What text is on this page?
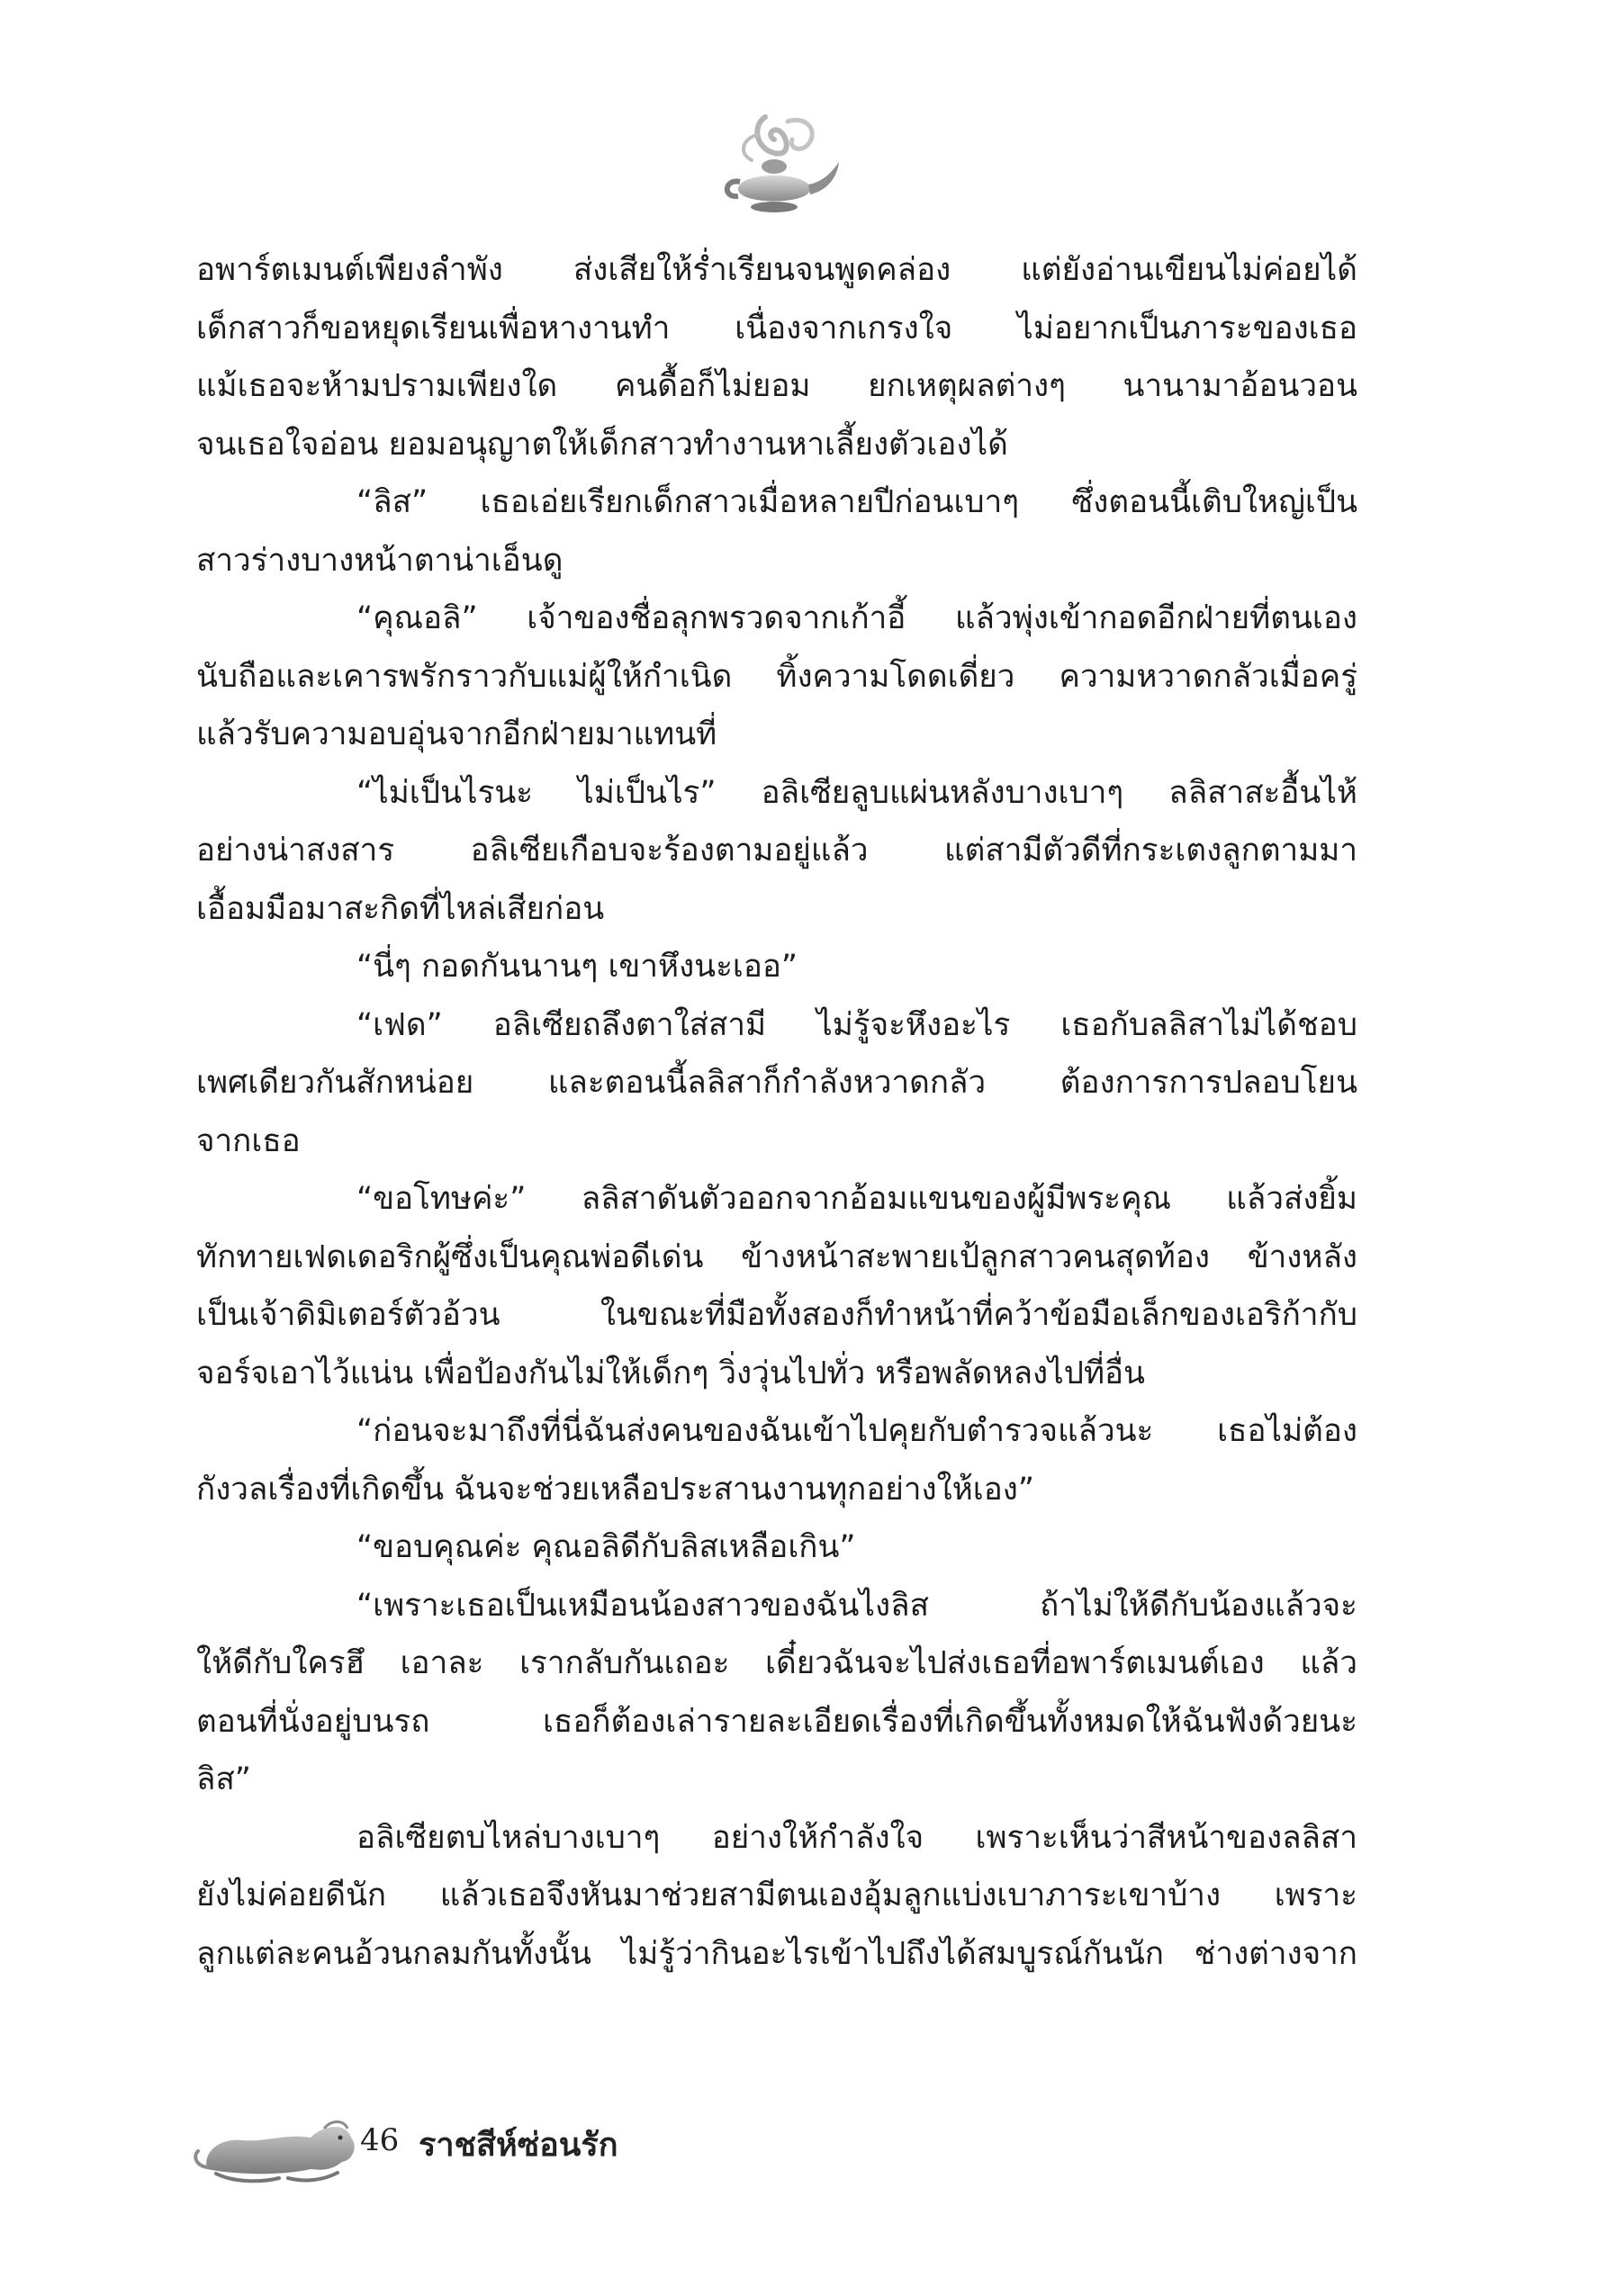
อพาร์ตเมนต์เพียงลำพัง ส่งเสียให้ร่ำเรียนจนพูดคล่อง แต่ยังอ่านเขียนไม่ค่อยได้
เด็กสาวก็ขอหยุดเรียนเพื่อหางานทำ เนื่องจากเกรงใจ ไม่อยากเป็นภาระของเธอ
แม้เธอจะห้ามปรามเพียงใด คนดื้อก็ไม่ยอม ยกเหตุผลต่างๆ นานามาอ้อนวอน
จนเธอใจอ่อน ยอมอนุญาตให้เด็กสาวทำงานหาเลี้ยงตัวเองได้
“ลิส” เธอเอ่ยเรียกเด็กสาวเมื่อหลายปีก่อนเบาๆ ซึ่งตอนนี้เติบใหญ่เป็น
สาวร่างบางหน้าตาน่าเอ็นดู
“คุณอลิ” เจ้าของชื่อลุกพรวดจากเก้าอี้ แล้วพุ่งเข้ากอดอีกฝ่ายที่ตนเอง
นับถือและเคารพรักราวกับแม่ผู้ให้กำเนิด ทิ้งความโดดเดี่ยว ความหวาดกลัวเมื่อครู่
แล้วรับความอบอุ่นจากอีกฝ่ายมาแทนที่
“ไม่เป็นไรนะ ไม่เป็นไร” อลิเซียลูบแผ่นหลังบางเบาๆ ลลิสาสะอื้นไห้
อย่างน่าสงสาร อลิเซียเกือบจะร้องตามอยู่แล้ว แต่สามีตัวดีที่กระเตงลูกตามมา
เอื้อมมือมาสะกิดที่ไหล่เสียก่อน
“นี่ๆ กอดกันนานๆ เขาหึงนะเออ”
“เฟด” อลิเซียถลึงตาใส่สามี ไม่รู้จะหึงอะไร เธอกับลลิสาไม่ได้ชอบ
เพศเดียวกันสักหน่อย และตอนนี้ลลิสาก็กำลังหวาดกลัว ต้องการการปลอบโยน
จากเธอ
“ขอโทษค่ะ” ลลิสาดันตัวออกจากอ้อมแขนของผู้มีพระคุณ แล้วส่งยิ้ม
ทักทายเฟดเดอริกผู้ซึ่งเป็นคุณพ่อดีเด่น ข้างหน้าสะพายเป้ลูกสาวคนสุดท้อง ข้างหลัง
เป็นเจ้าดิมิเตอร์ตัวอ้วน ในขณะที่มือทั้งสองก็ทำหน้าที่คว้าข้อมือเล็กของเอริก้ากับ
จอร์จเอาไว้แน่น เพื่อป้องกันไม่ให้เด็กๆ วิ่งวุ่นไปทั่ว หรือพลัดหลงไปที่อื่น
“ก่อนจะมาถึงที่นี่ฉันส่งคนของฉันเข้าไปคุยกับตำรวจแล้วนะ เธอไม่ต้อง
กังวลเรื่องที่เกิดขึ้น ฉันจะช่วยเหลือประสานงานทุกอย่างให้เอง”
“ขอบคุณค่ะ คุณอลิดีกับลิสเหลือเกิน”
“เพราะเธอเป็นเหมือนน้องสาวของฉันไงลิส ถ้าไม่ให้ดีกับน้องแล้วจะ
ให้ดีกับใครฮึ เอาละ เรากลับกันเถอะ เดี๋ยวฉันจะไปส่งเธอที่อพาร์ตเมนต์เอง แล้ว
ตอนที่นั่งอยู่บนรถ เธอก็ต้องเล่ารายละเอียดเรื่องที่เกิดขึ้นทั้งหมดให้ฉันฟังด้วยนะ
ลิส”
อลิเซียตบไหล่บางเบาๆ อย่างให้กำลังใจ เพราะเห็นว่าสีหน้าของลลิสา
ยังไม่ค่อยดีนัก แล้วเธอจึงหันมาช่วยสามีตนเองอุ้มลูกแบ่งเบาภาระเขาบ้าง เพราะ
ลูกแต่ละคนอ้วนกลมกันทั้งนั้น ไม่รู้ว่ากินอะไรเข้าไปถึงได้สมบูรณ์กันนัก ช่างต่างจาก
46 ราชสีห์ซ่อนรัก
